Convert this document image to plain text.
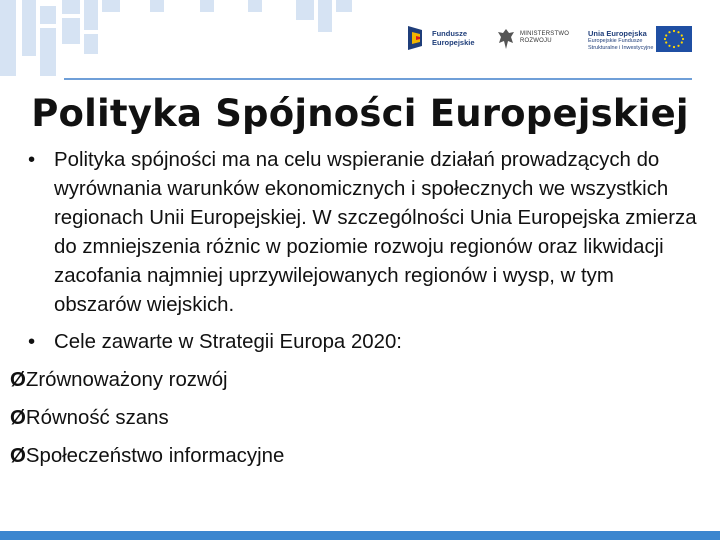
Fundusze
Europejskie
MINISTERSTWO
ROZWOJU
Unia Europejska
Europejskie Fundusze
Strukturalne i Inwestycyjne
Polityka Spójności Europejskiej
• Polityka spójności ma na celu wspieranie działań prowadzących do wyrównania warunków ekonomicznych i społecznych we wszystkich regionach Unii Europejskiej. W szczególności Unia Europejska zmierza do zmniejszenia różnic w poziomie rozwoju regionów oraz likwidacji zacofania najmniej uprzywilejowanych regionów i wysp, w tym obszarów wiejskich.
• Cele zawarte w Strategii Europa 2020:
ØZrównoważony rozwój
ØRówność szans
ØSpołeczeństwo informacyjne
